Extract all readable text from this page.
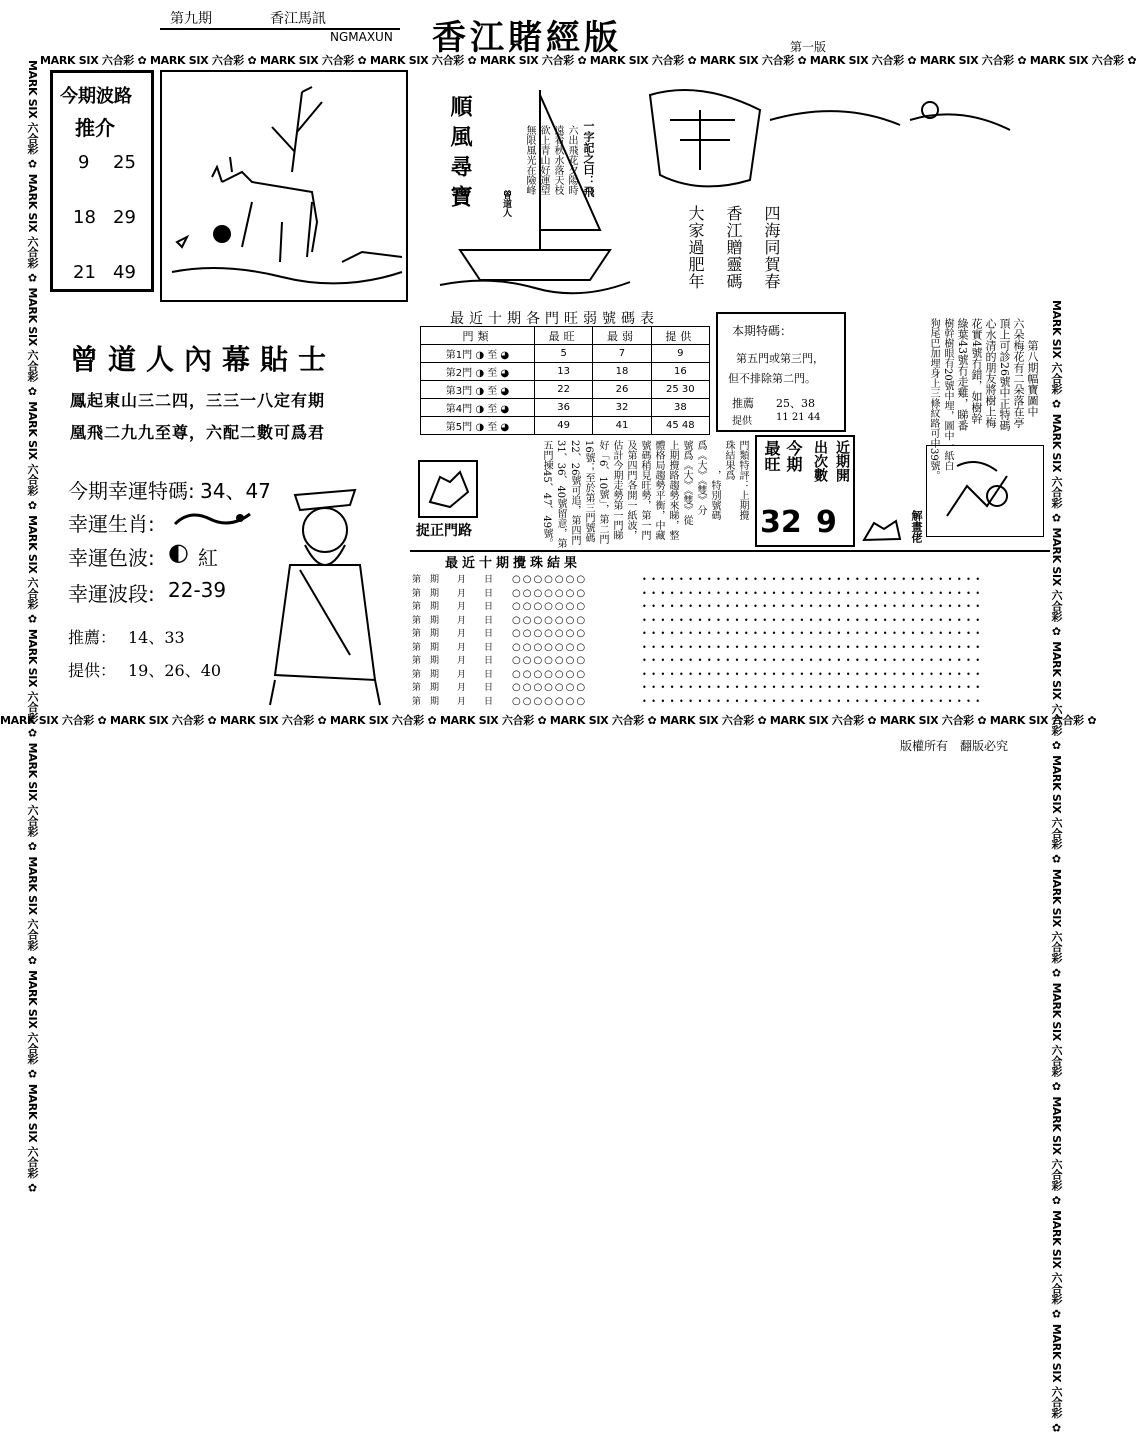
第九期	香江馬訊
NGMAXUN 香江賭經版	第一版
MARK SIX 六合彩 ✿ MARK SIX 六合彩 ✿ MARK SIX 六合彩 ✿ MARK SIX 六合彩 ✿ MARK SIX 六合彩 ✿ MARK SIX 六合彩 ✿ MARK SIX 六合彩 ✿ MARK SIX 六合彩 ✿ MARK SIX 六合彩 ✿ MARK SIX 六合彩 ✿
MARK SIX 六合彩 ✿ MARK SIX 六合彩 ✿ MARK SIX 六合彩 ✿ MARK SIX 六合彩 ✿ MARK SIX 六合彩 ✿ MARK SIX 六合彩 ✿ MARK SIX 六合彩 ✿ MARK SIX 六合彩 ✿ MARK SIX 六合彩 ✿ MARK SIX 六合彩 ✿
MARK SIX 六合彩 ✿ MARK SIX 六合彩 ✿ MARK SIX 六合彩 ✿ MARK SIX 六合彩 ✿ MARK SIX 六合彩 ✿ MARK SIX 六合彩 ✿ MARK SIX 六合彩 ✿ MARK SIX 六合彩 ✿ MARK SIX 六合彩 ✿ MARK SIX 六合彩 ✿	MARK SIX 六合彩 ✿ MARK SIX 六合彩 ✿ MARK SIX 六合彩 ✿ MARK SIX 六合彩 ✿ MARK SIX 六合彩 ✿ MARK SIX 六合彩 ✿ MARK SIX 六合彩 ✿ MARK SIX 六合彩 ✿ MARK SIX 六合彩 ✿ MARK SIX 六合彩 ✿
今期波路
推介
9 25
18 29
21 49
順風尋寶	一字記之曰：飛
六出飛花夕陽時
遠看秋水落天枝
欲上青山好運望
無限風光在險峰
曾道人
四海同賀春
香江贈靈碼
大家過肥年
最近十期各門旺弱號碼表
門類	最旺	最弱	提供
第1門 ◑ 至 ◕	5	7	9
第2門 ◑ 至 ◕	13	18	16
第3門 ◑ 至 ◕	22	26	25 30
第4門 ◑ 至 ◕	36	32	38
第5門 ◑ 至 ◕	49	41	45 48
本期特碼：
第五門或第三門，
但不排除第二門。
推薦 25、38
提供 11 21 44
第八期幅寶圖中
六朵梅花有二朵落在亭
頂上可診26號中正特碼
心水清的朋友將樹上梅
花實4號冇錯，如樹幹
綠葉43號冇走雞，睇番
樹幹樹眼有20號中埋，圖中一紙白
狗尾巴加埋身上三條紋路可中39號。
曾道人內幕貼士
鳳起東山三二四，三三一八定有期
凰飛二九九至尊，六配二數可爲君
今期幸運特碼: 34、47
幸運生肖:
幸運色波: ◐ 紅
幸運波段: 22-39
推薦： 14、33
提供： 19、26、40
門類特評：上期攪
珠結果爲
，特別號碼
爲《大》《雙》分
號爲《大》《雙》從
上期攪路趨勢來睇，整
體格局趨勢平衡，中藏
號碼稍見旺勢，第一門
及第四門各開一紙波，
估計今期走勢第一門睇
好「6、10號」，第二門
16號；至於第三門號碼
22、26號可追，第四門
31、36、40號留意，第
五門揀45、47、49號。
捉正門路
最旺 今期 出次數 近期開
32 9	解畫佬
最近十期攪珠結果
第　期　　月　　日 ○○○○○○○	• • • • • • • • • • • • • • • • • • • • • • • • • • • • • • • • • • • • •
第　期　　月　　日 ○○○○○○○	• • • • • • • • • • • • • • • • • • • • • • • • • • • • • • • • • • • • •
第　期　　月　　日 ○○○○○○○	• • • • • • • • • • • • • • • • • • • • • • • • • • • • • • • • • • • • •
第　期　　月　　日 ○○○○○○○	• • • • • • • • • • • • • • • • • • • • • • • • • • • • • • • • • • • • •
第　期　　月　　日 ○○○○○○○	• • • • • • • • • • • • • • • • • • • • • • • • • • • • • • • • • • • • •
第　期　　月　　日 ○○○○○○○	• • • • • • • • • • • • • • • • • • • • • • • • • • • • • • • • • • • • •
第　期　　月　　日 ○○○○○○○	• • • • • • • • • • • • • • • • • • • • • • • • • • • • • • • • • • • • •
第　期　　月　　日 ○○○○○○○	• • • • • • • • • • • • • • • • • • • • • • • • • • • • • • • • • • • • •
第　期　　月　　日 ○○○○○○○	• • • • • • • • • • • • • • • • • • • • • • • • • • • • • • • • • • • • •
第　期　　月　　日 ○○○○○○○	• • • • • • • • • • • • • • • • • • • • • • • • • • • • • • • • • • • • •
版權所有　翻版必究
